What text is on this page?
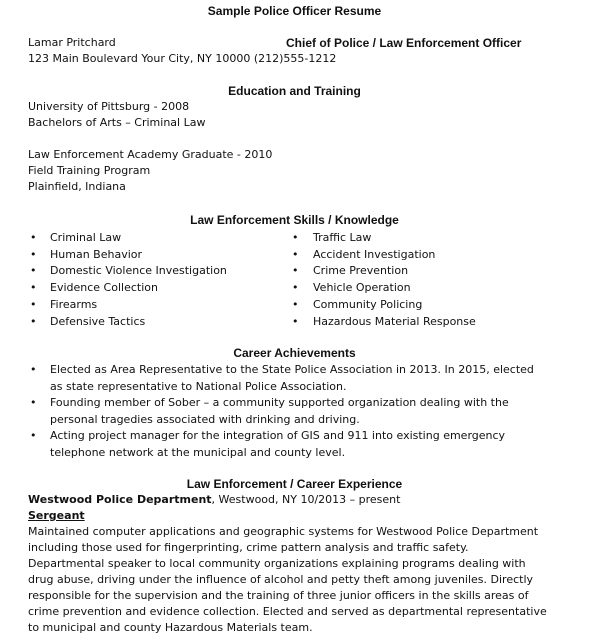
Sample Police Officer Resume
Lamar Pritchard	Chief of Police / Law Enforcement Officer
123 Main Boulevard Your City, NY 10000 (212)555-1212
Education and Training
University of Pittsburg - 2008
Bachelors of Arts – Criminal Law
Law Enforcement Academy Graduate - 2010
Field Training Program
Plainfield, Indiana
Law Enforcement Skills / Knowledge
• Criminal Law
• Human Behavior
• Domestic Violence Investigation
• Evidence Collection
• Firearms
• Defensive Tactics
• Traffic Law
• Accident Investigation
• Crime Prevention
• Vehicle Operation
• Community Policing
• Hazardous Material Response
Career Achievements
• Elected as Area Representative to the State Police Association in 2013. In 2015, elected as state representative to National Police Association.
• Founding member of Sober – a community supported organization dealing with the personal tragedies associated with drinking and driving.
• Acting project manager for the integration of GIS and 911 into existing emergency telephone network at the municipal and county level.
Law Enforcement / Career Experience
Westwood Police Department, Westwood, NY 10/2013 – present
Sergeant
Maintained computer applications and geographic systems for Westwood Police Department including those used for fingerprinting, crime pattern analysis and traffic safety. Departmental speaker to local community organizations explaining programs dealing with drug abuse, driving under the influence of alcohol and petty theft among juveniles. Directly responsible for the supervision and the training of three junior officers in the skills areas of crime prevention and evidence collection. Elected and served as departmental representative to municipal and county Hazardous Materials team.
